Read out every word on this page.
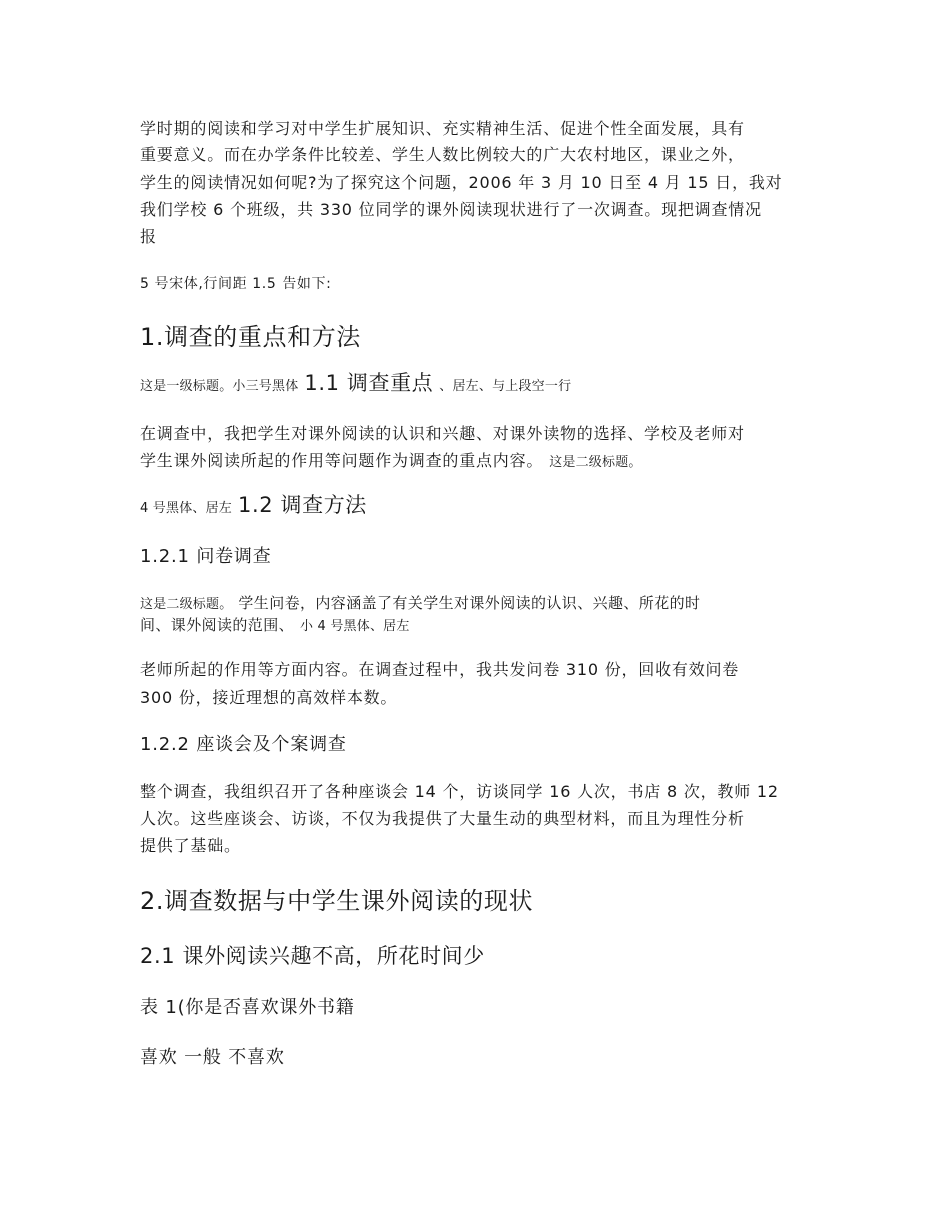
学时期的阅读和学习对中学生扩展知识、充实精神生活、促进个性全面发展，具有
重要意义。而在办学条件比较差、学生人数比例较大的广大农村地区，课业之外，
学生的阅读情况如何呢?为了探究这个问题，2006 年 3 月 10 日至 4 月 15 日，我对
我们学校 6 个班级，共 330 位同学的课外阅读现状进行了一次调查。现把调查情况
报
5 号宋体,行间距 1.5 告如下:
1.调查的重点和方法
这是一级标题。小三号黑体 1.1 调查重点 、居左、与上段空一行
在调查中，我把学生对课外阅读的认识和兴趣、对课外读物的选择、学校及老师对
学生课外阅读所起的作用等问题作为调查的重点内容。 这是二级标题。
4 号黑体、居左 1.2 调查方法
1.2.1 问卷调查
这是二级标题。 学生问卷，内容涵盖了有关学生对课外阅读的认识、兴趣、所花的时
间、课外阅读的范围、 小 4 号黑体、居左
老师所起的作用等方面内容。在调查过程中，我共发问卷 310 份，回收有效问卷
300 份，接近理想的高效样本数。
1.2.2 座谈会及个案调查
整个调查，我组织召开了各种座谈会 14 个，访谈同学 16 人次，书店 8 次，教师 12
人次。这些座谈会、访谈，不仅为我提供了大量生动的典型材料，而且为理性分析
提供了基础。
2.调查数据与中学生课外阅读的现状
2.1 课外阅读兴趣不高，所花时间少
表 1(你是否喜欢课外书籍
喜欢 一般 不喜欢
